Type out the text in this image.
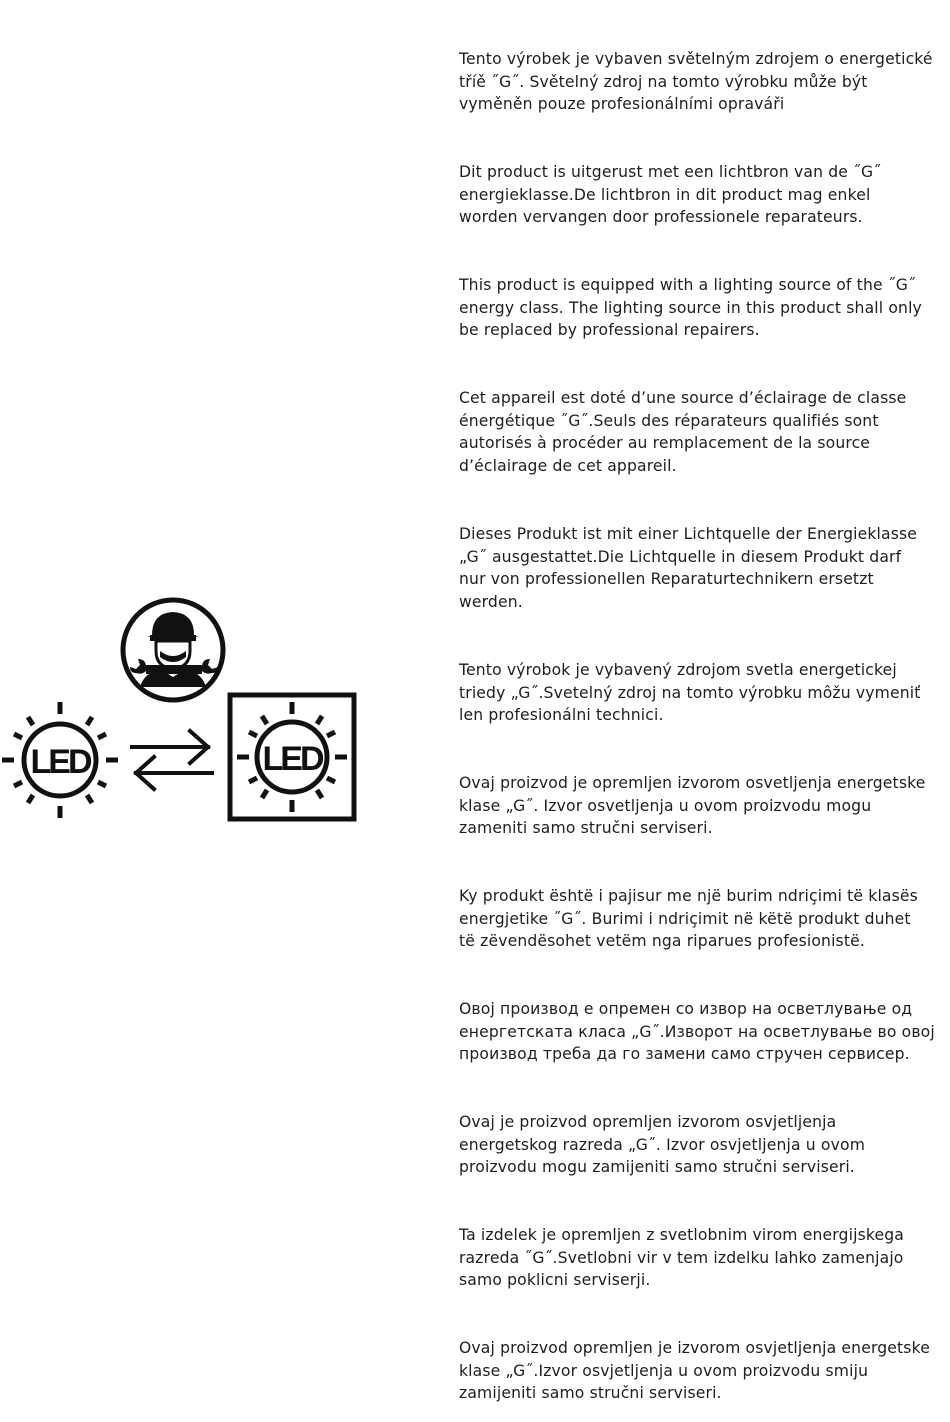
LED	LED

Tento výrobek je vybaven světelným zdrojem o energetické
tříě ˝G˝. Světelný zdroj na tomto výrobku může být
vyměněn pouze profesionálními opraváři

Dit product is uitgerust met een lichtbron van de ˝G˝
energieklasse.De lichtbron in dit product mag enkel
worden vervangen door professionele reparateurs.

This product is equipped with a lighting source of the ˝G˝
energy class. The lighting source in this product shall only
be replaced by professional repairers.

Cet appareil est doté d’une source d’éclairage de classe
énergétique ˝G˝.Seuls des réparateurs qualifiés sont
autorisés à procéder au remplacement de la source
d’éclairage de cet appareil.

Dieses Produkt ist mit einer Lichtquelle der Energieklasse
„G˝ ausgestattet.Die Lichtquelle in diesem Produkt darf
nur von professionellen Reparaturtechnikern ersetzt
werden.

Tento výrobok je vybavený zdrojom svetla energetickej
triedy „G˝.Svetelný zdroj na tomto výrobku môžu vymeniť
len profesionálni technici.

Ovaj proizvod je opremljen izvorom osvetljenja energetske
klase „G˝. Izvor osvetljenja u ovom proizvodu mogu
zameniti samo stručni serviseri.

Ky produkt është i pajisur me një burim ndriçimi të klasës
energjetike ˝G˝. Burimi i ndriçimit në këtë produkt duhet
të zëvendësohet vetëm nga riparues profesionistë.

Овој производ е опремен со извор на осветлување од
енергетската класа „G˝.Изворот на осветлување во овој
производ треба да го замени само стручен сервисер.

Ovaj je proizvod opremljen izvorom osvjetljenja
energetskog razreda „G˝. Izvor osvjetljenja u ovom
proizvodu mogu zamijeniti samo stručni serviseri.

Ta izdelek je opremljen z svetlobnim virom energijskega
razreda ˝G˝.Svetlobni vir v tem izdelku lahko zamenjajo
samo poklicni serviserji.

Ovaj proizvod opremljen je izvorom osvjetljenja energetske
klase „G˝.Izvor osvjetljenja u ovom proizvodu smiju
zamijeniti samo stručni serviseri.
